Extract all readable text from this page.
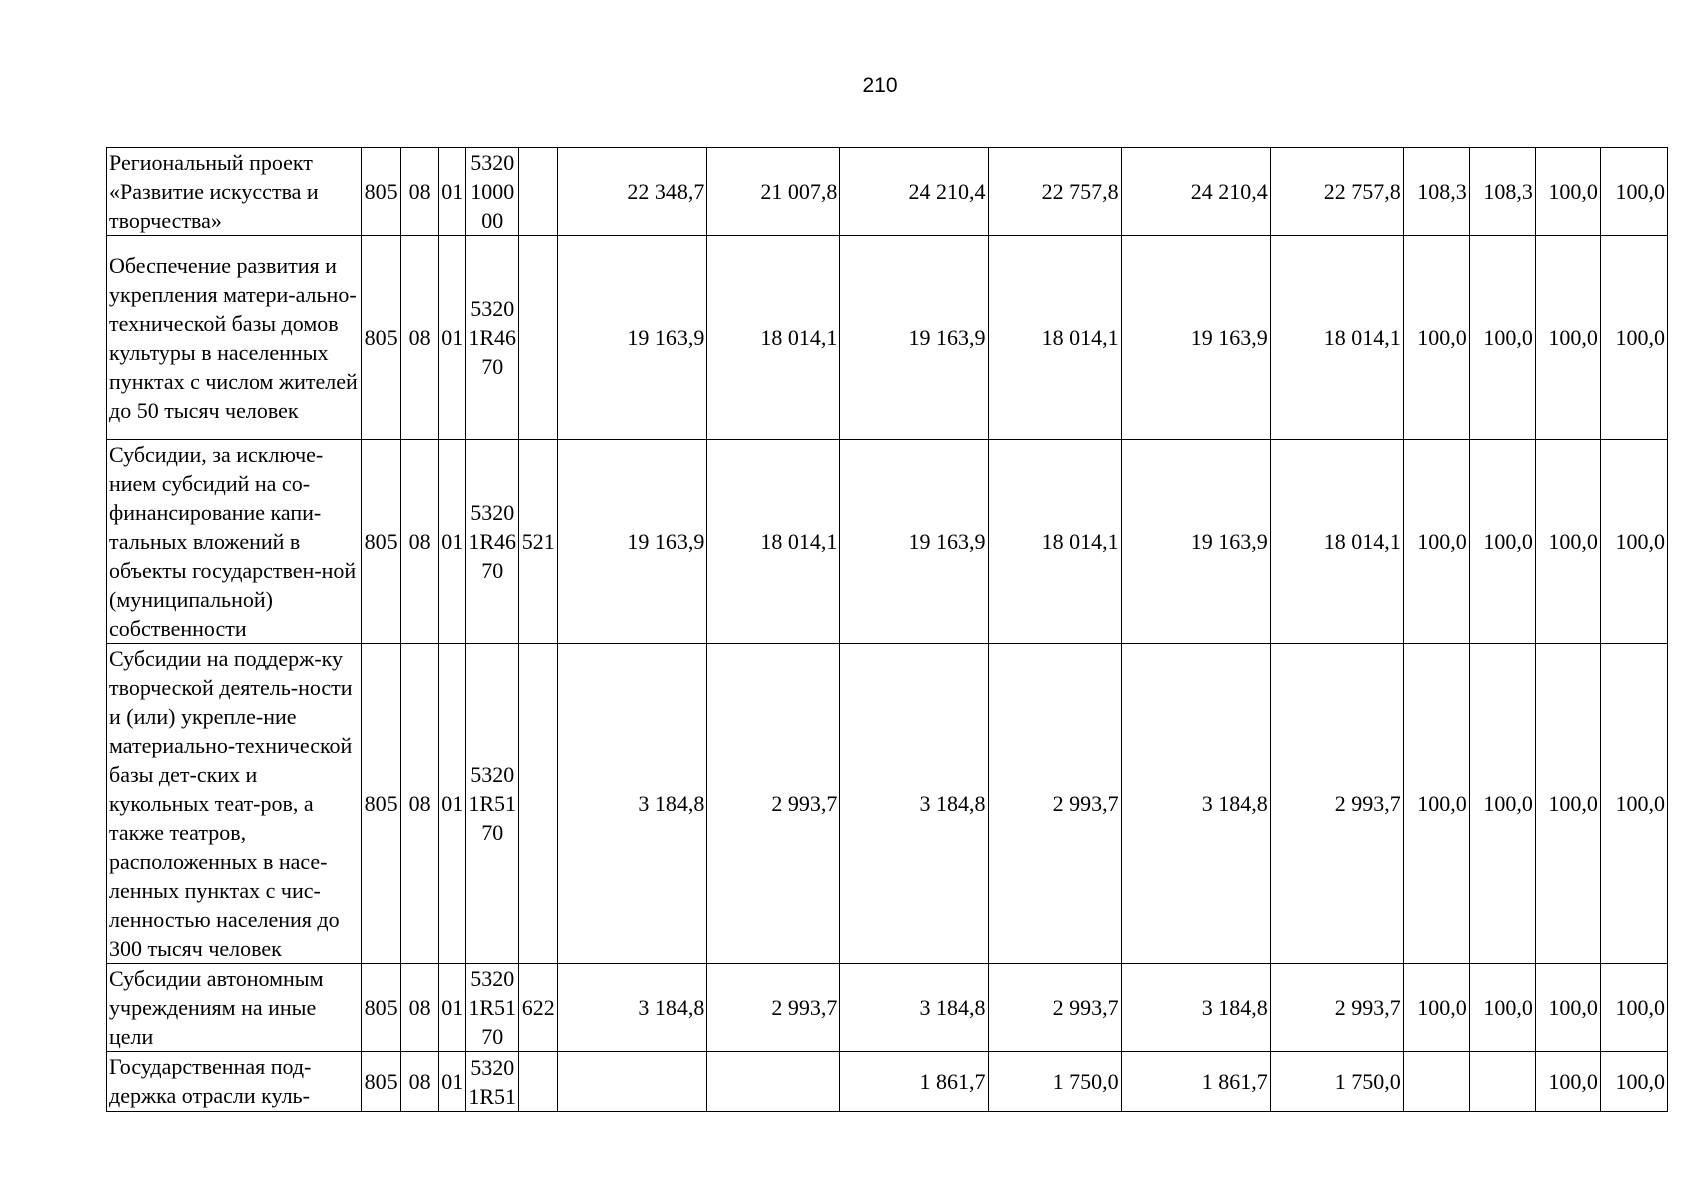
210
Региональный проект «Развитие искусства и творчества»	805	08	01	5320100000		22 348,7	21 007,8	24 210,4	22 757,8	24 210,4	22 757,8	108,3	108,3	100,0	100,0
Обеспечение развития и укрепления матери-ально-технической базы домов культуры в населенных пунктах с числом жителей до 50 тысяч человек	805	08	01	53201R4670		19 163,9	18 014,1	19 163,9	18 014,1	19 163,9	18 014,1	100,0	100,0	100,0	100,0
Субсидии, за исключе-нием субсидий на со-финансирование капи-тальных вложений в объекты государствен-ной (муниципальной) собственности	805	08	01	53201R4670	521	19 163,9	18 014,1	19 163,9	18 014,1	19 163,9	18 014,1	100,0	100,0	100,0	100,0
Субсидии на поддерж-ку творческой деятель-ности и (или) укрепле-ние материально-технической базы дет-ских и кукольных теат-ров, а также театров, расположенных в насе-ленных пунктах с чис-ленностью населения до 300 тысяч человек	805	08	01	53201R5170		3 184,8	2 993,7	3 184,8	2 993,7	3 184,8	2 993,7	100,0	100,0	100,0	100,0
Субсидии автономным учреждениям на иные цели	805	08	01	53201R5170	622	3 184,8	2 993,7	3 184,8	2 993,7	3 184,8	2 993,7	100,0	100,0	100,0	100,0
Государственная под-держка отрасли куль-	805	08	01	53201R51				1 861,7	1 750,0	1 861,7	1 750,0			100,0	100,0
